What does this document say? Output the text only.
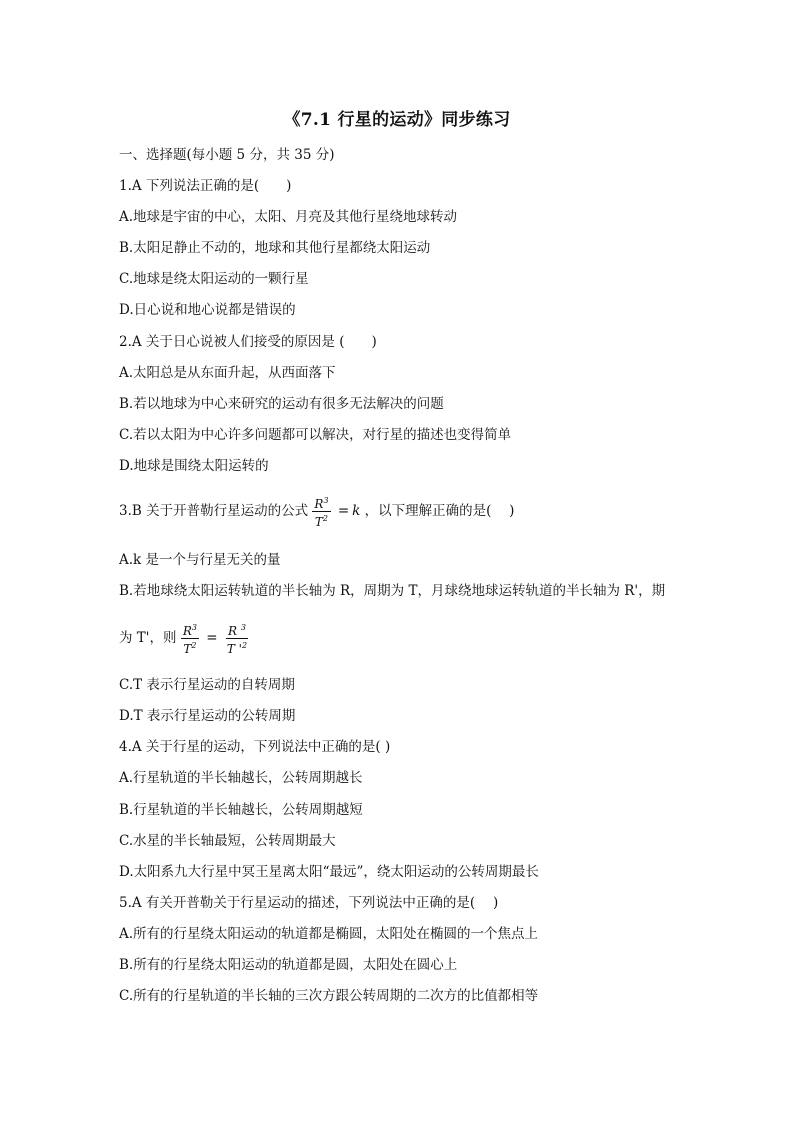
《7.1 行星的运动》同步练习
一、选择题(每小题 5 分，共 35 分)
1.A 下列说法正确的是(　　)
A.地球是宇宙的中心，太阳、月亮及其他行星绕地球转动
B.太阳足静止不动的，地球和其他行星都绕太阳运动
C.地球是绕太阳运动的一颗行星
D.日心说和地心说都是错误的
2.A 关于日心说被人们接受的原因是 (　　)
A.太阳总是从东面升起，从西面落下
B.若以地球为中心来研究的运动有很多无法解决的问题
C.若以太阳为中心许多问题都可以解决，对行星的描述也变得简单
D.地球是围绕太阳运转的
3.B 关于开普勒行星运动的公式 $\frac{R^3}{T^2} = k$ ，以下理解正确的是(　 )
A.k 是一个与行星无关的量
B.若地球绕太阳运转轨道的半长轴为 R，周期为 T，月球绕地球运转轨道的半长轴为 R'，期
为 T'，则 $\frac{R^3}{T^2} = \frac{R ^3}{T '^2}$
C.T 表示行星运动的自转周期
D.T 表示行星运动的公转周期
4.A 关于行星的运动，下列说法中正确的是( )
A.行星轨道的半长轴越长，公转周期越长
B.行星轨道的半长轴越长，公转周期越短
C.水星的半长轴最短，公转周期最大
D.太阳系九大行星中冥王星离太阳“最远”，绕太阳运动的公转周期最长
5.A 有关开普勒关于行星运动的描述，下列说法中正确的是(　 )
A.所有的行星绕太阳运动的轨道都是椭圆，太阳处在椭圆的一个焦点上
B.所有的行星绕太阳运动的轨道都是圆，太阳处在圆心上
C.所有的行星轨道的半长轴的三次方跟公转周期的二次方的比值都相等
